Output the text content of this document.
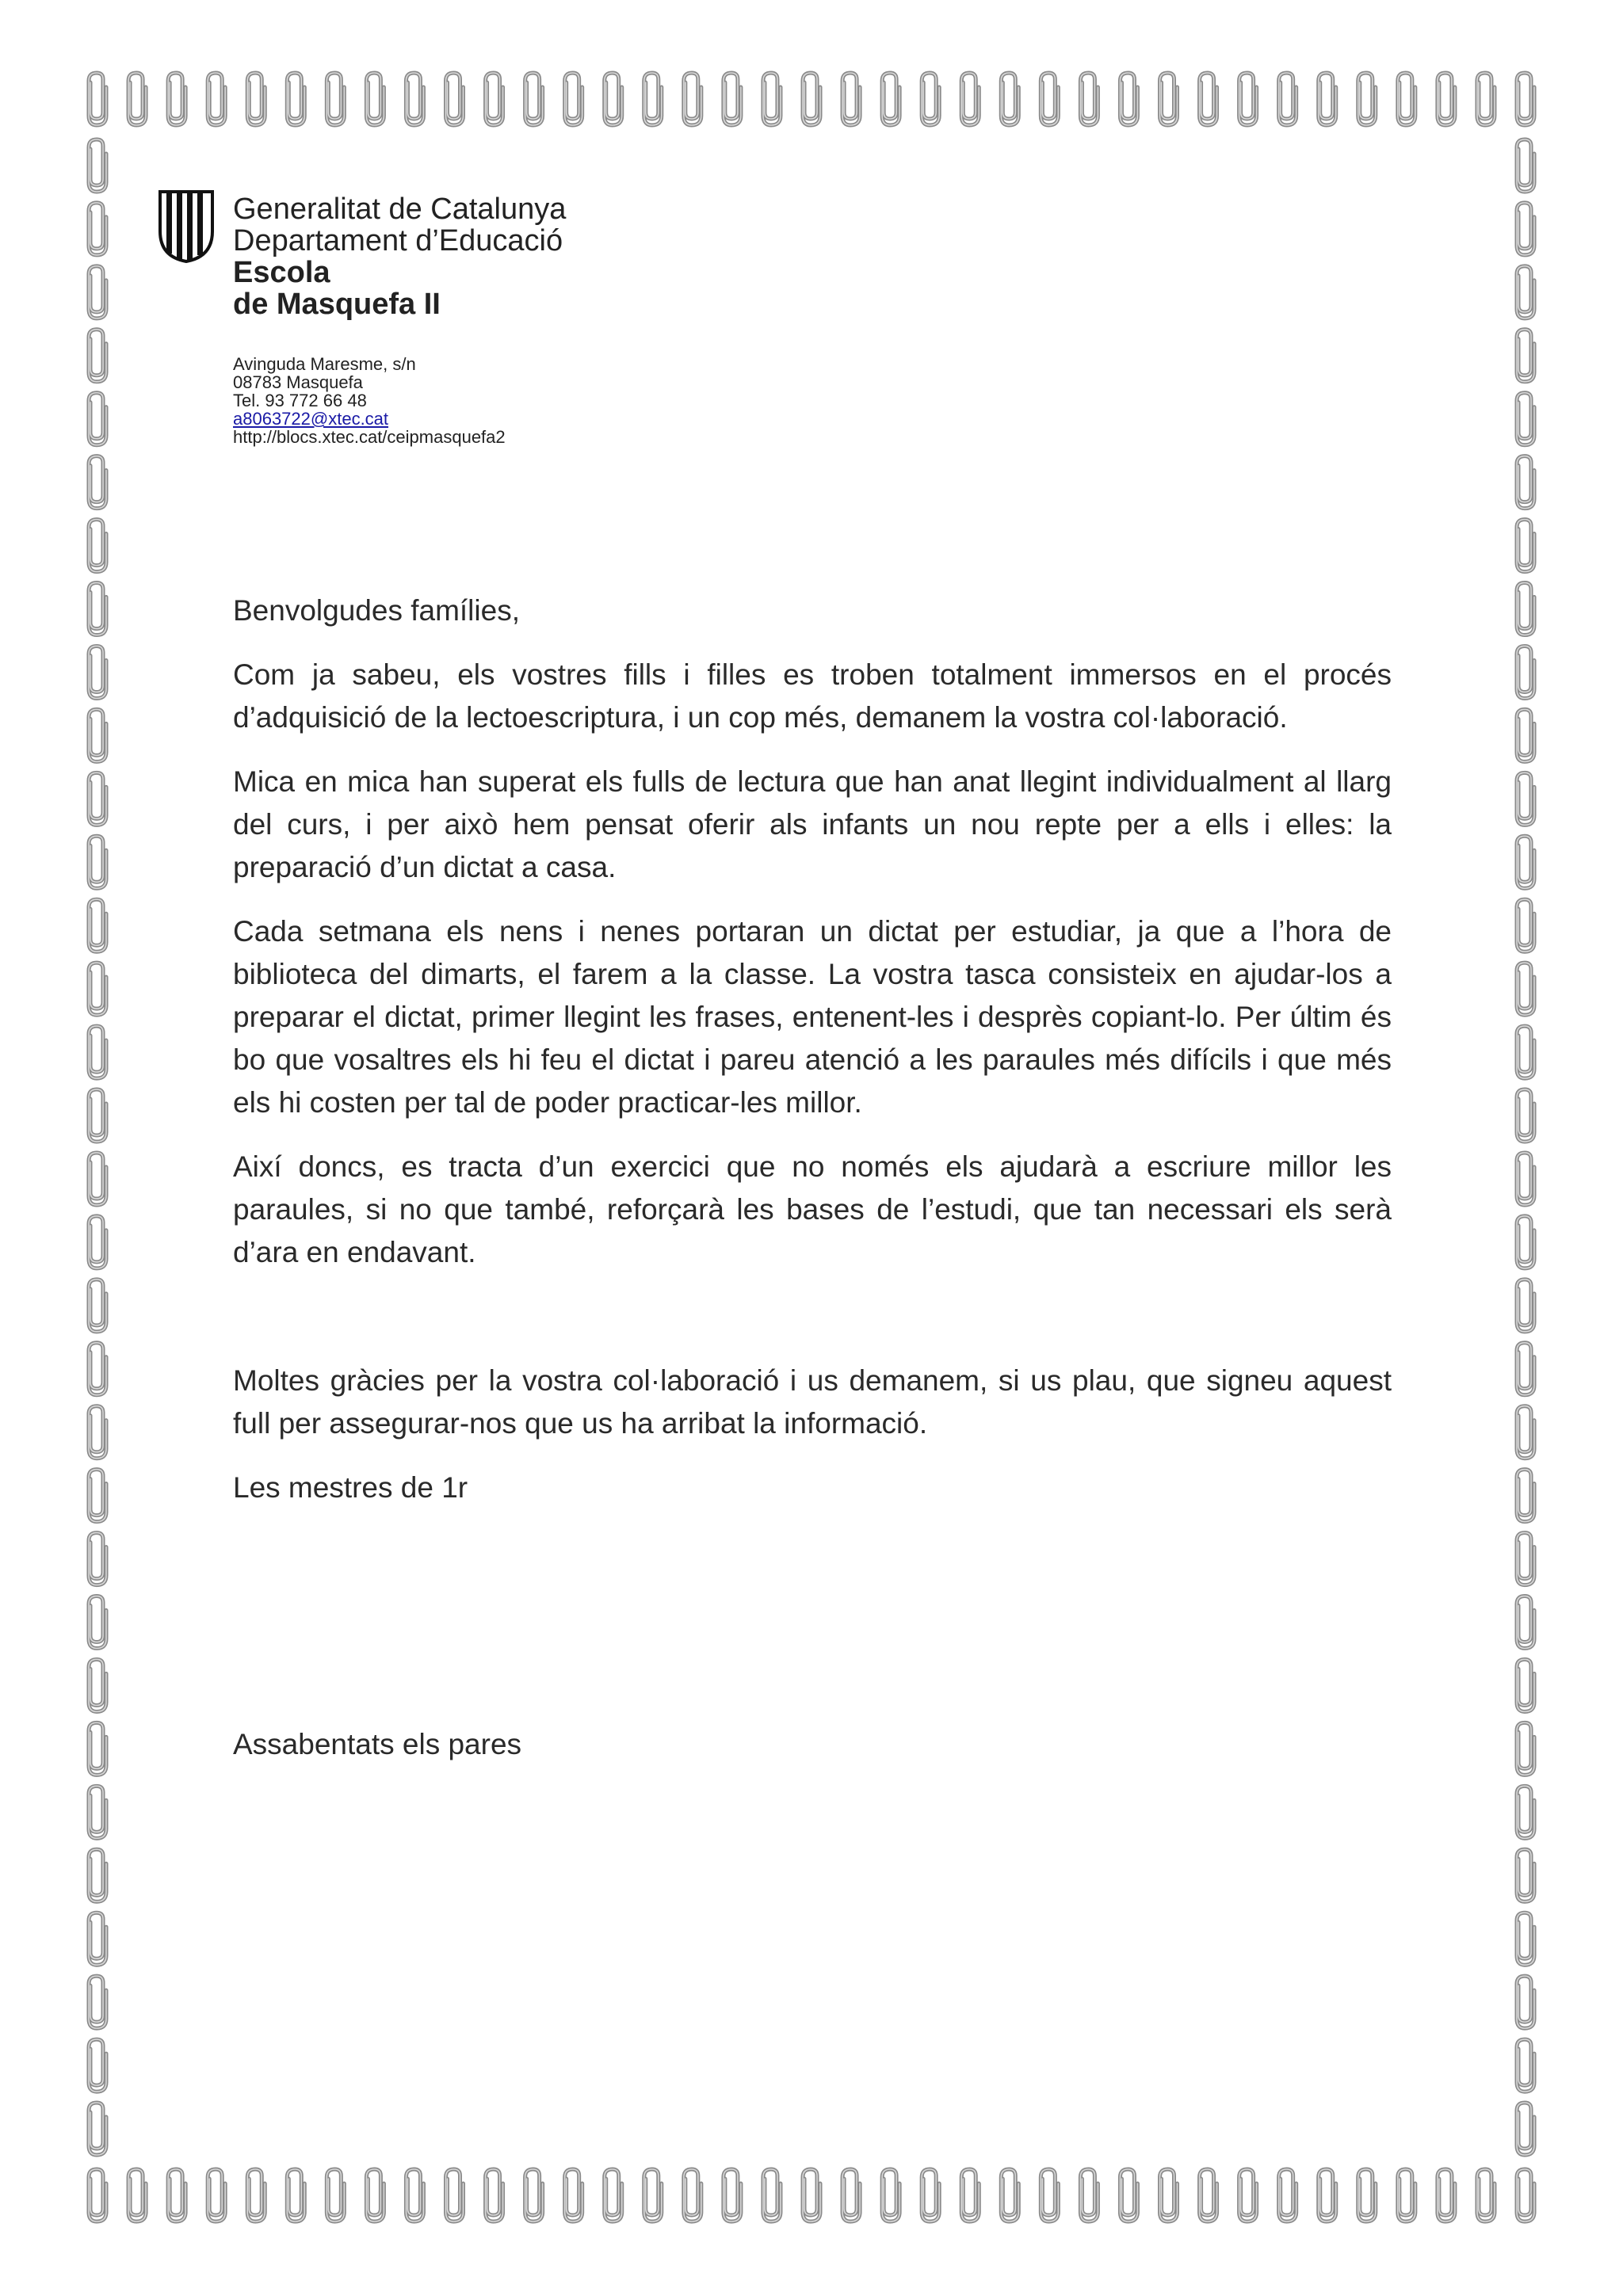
Generalitat de Catalunya
Departament d’Educació
Escola
de Masquefa II
Avinguda Maresme, s/n
08783 Masquefa
Tel. 93 772 66 48
a8063722@xtec.cat
http://blocs.xtec.cat/ceipmasquefa2

Benvolgudes famílies,

Com ja sabeu, els vostres fills i filles es troben totalment immersos en el procés d’adquisició de la lectoescriptura, i un cop més, demanem la vostra col·laboració.

Mica en mica han superat els fulls de lectura que han anat llegint individualment al llarg del curs, i per això hem pensat oferir als infants un nou repte per a ells i elles: la preparació d’un dictat a casa.

Cada setmana els nens i nenes portaran un dictat per estudiar, ja que a l’hora de biblioteca del dimarts, el farem a la classe. La vostra tasca consisteix en ajudar-los a preparar el dictat, primer llegint les frases, entenent-les i desprès copiant-lo. Per últim és bo que vosaltres els hi feu el dictat i pareu atenció a les paraules més difícils i que més els hi costen per tal de poder practicar-les millor.

Així doncs, es tracta d’un exercici que no només els ajudarà a escriure millor les paraules, si no que també, reforçarà les bases de l’estudi, que tan necessari els serà d’ara en endavant.

Moltes gràcies per la vostra col·laboració i us demanem, si us plau, que signeu aquest full per assegurar-nos que us ha arribat la informació.

Les mestres de 1r

Assabentats els pares
